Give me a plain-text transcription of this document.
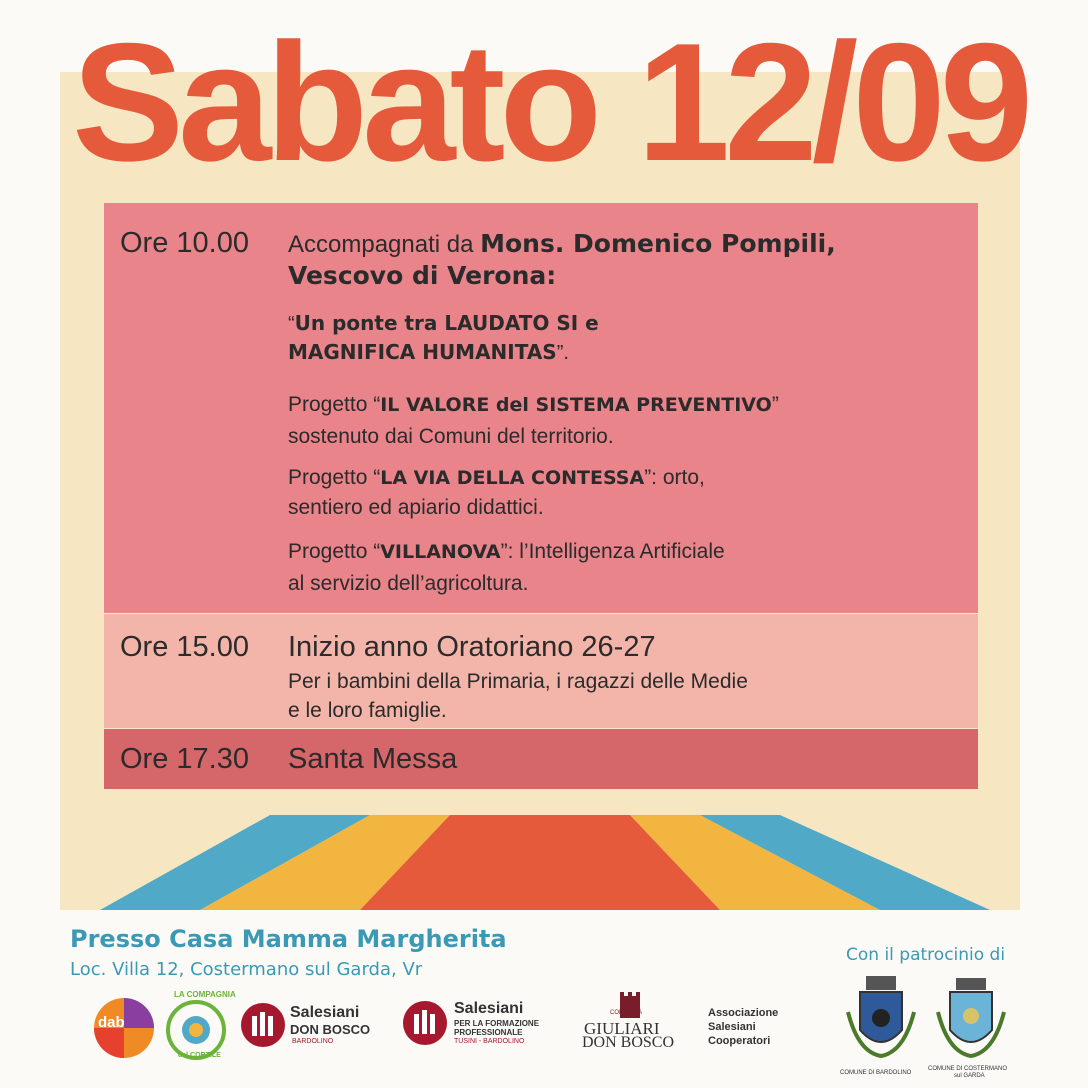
Sabato 12/09
Ore 10.00 Accompagnati da Mons. Domenico Pompili,
Vescovo di Verona:
“Un ponte tra LAUDATO SI e
MAGNIFICA HUMANITAS”.
Progetto “IL VALORE del SISTEMA PREVENTIVO”
sostenuto dai Comuni del territorio.
Progetto “LA VIA DELLA CONTESSA”: orto,
sentiero ed apiario didattici.
Progetto “VILLANOVA”: l’Intelligenza Artificiale
al servizio dell’agricoltura.
Ore 15.00 Inizio anno Oratoriano 26-27
Per i bambini della Primaria, i ragazzi delle Medie
e le loro famiglie.
Ore 17.30 Santa Messa
Presso Casa Mamma Margherita
Loc. Villa 12, Costermano sul Garda, Vr
Con il patrocinio di
dab
LA COMPAGNIA
del CORTILE
Salesiani
DON BOSCO
BARDOLINO
Salesiani
PER LA FORMAZIONE
PROFESSIONALE
TUSINI - BARDOLINO
COMUNITÀ
GIULIARI
DON BOSCO
Associazione
Salesiani
Cooperatori
COMUNE DI BARDOLINO
COMUNE DI COSTERMANO
sul GARDA
